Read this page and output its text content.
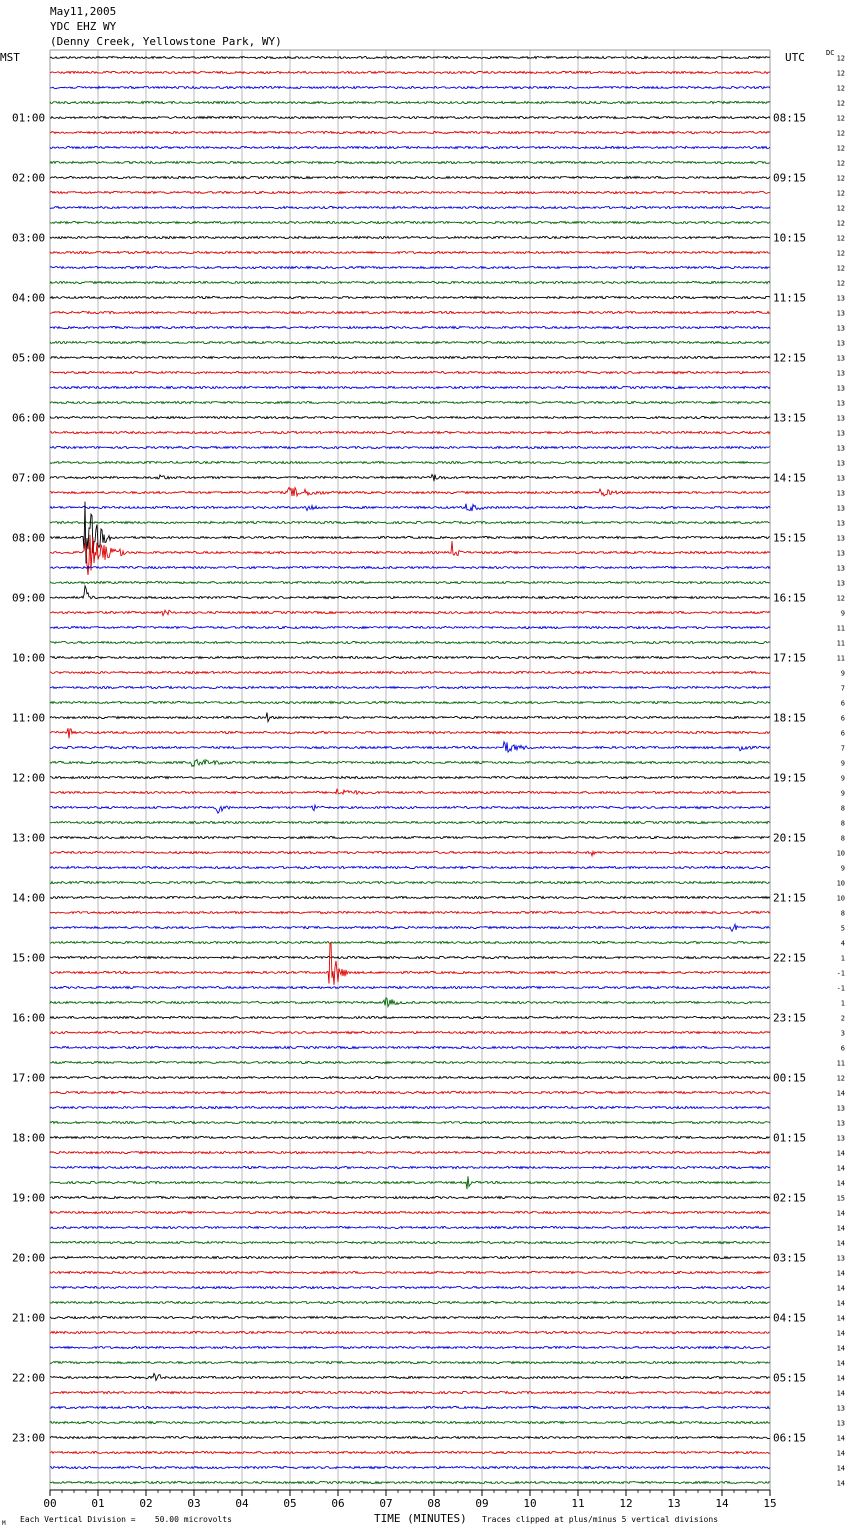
May11,2005
YDC EHZ WY
(Denny Creek, Yellowstone Park, WY)
MST	UTC	DC
00	01	02	03	04	05	06	07	08	09	10	11	12	13	14	15
01:00
02:00
03:00
04:00
05:00
06:00
07:00
08:00
09:00
10:00
11:00
12:00
13:00
14:00
15:00
16:00
17:00
18:00
19:00
20:00
21:00
22:00
23:00
08:15
09:15
10:15
11:15
12:15
13:15
14:15
15:15
16:15
17:15
18:15
19:15
20:15
21:15
22:15
23:15
00:15
01:15
02:15
03:15
04:15
05:15
06:15
12
12
12
12
12
12
12
12
12
12
12
12
12
12
12
12
13
13
13
13
13
13
13
13
13
13
13
13
13
13
13
13
13
13
13
13
12
9
11
11
11
9
7
6
6
6
7
9
9
9
8
8
8
10
9
10
10
8
5
4
1
-1
-1
1
2
3
6
11
12
14
13
13
13
14
14
14
15
14
14
14
13
14
14
14
14
14
14
14
14
14
13
13
14
14
14
14
M Each Vertical Division =    50.00 microvolts	TIME (MINUTES) Traces clipped at plus/minus 5 vertical divisions
